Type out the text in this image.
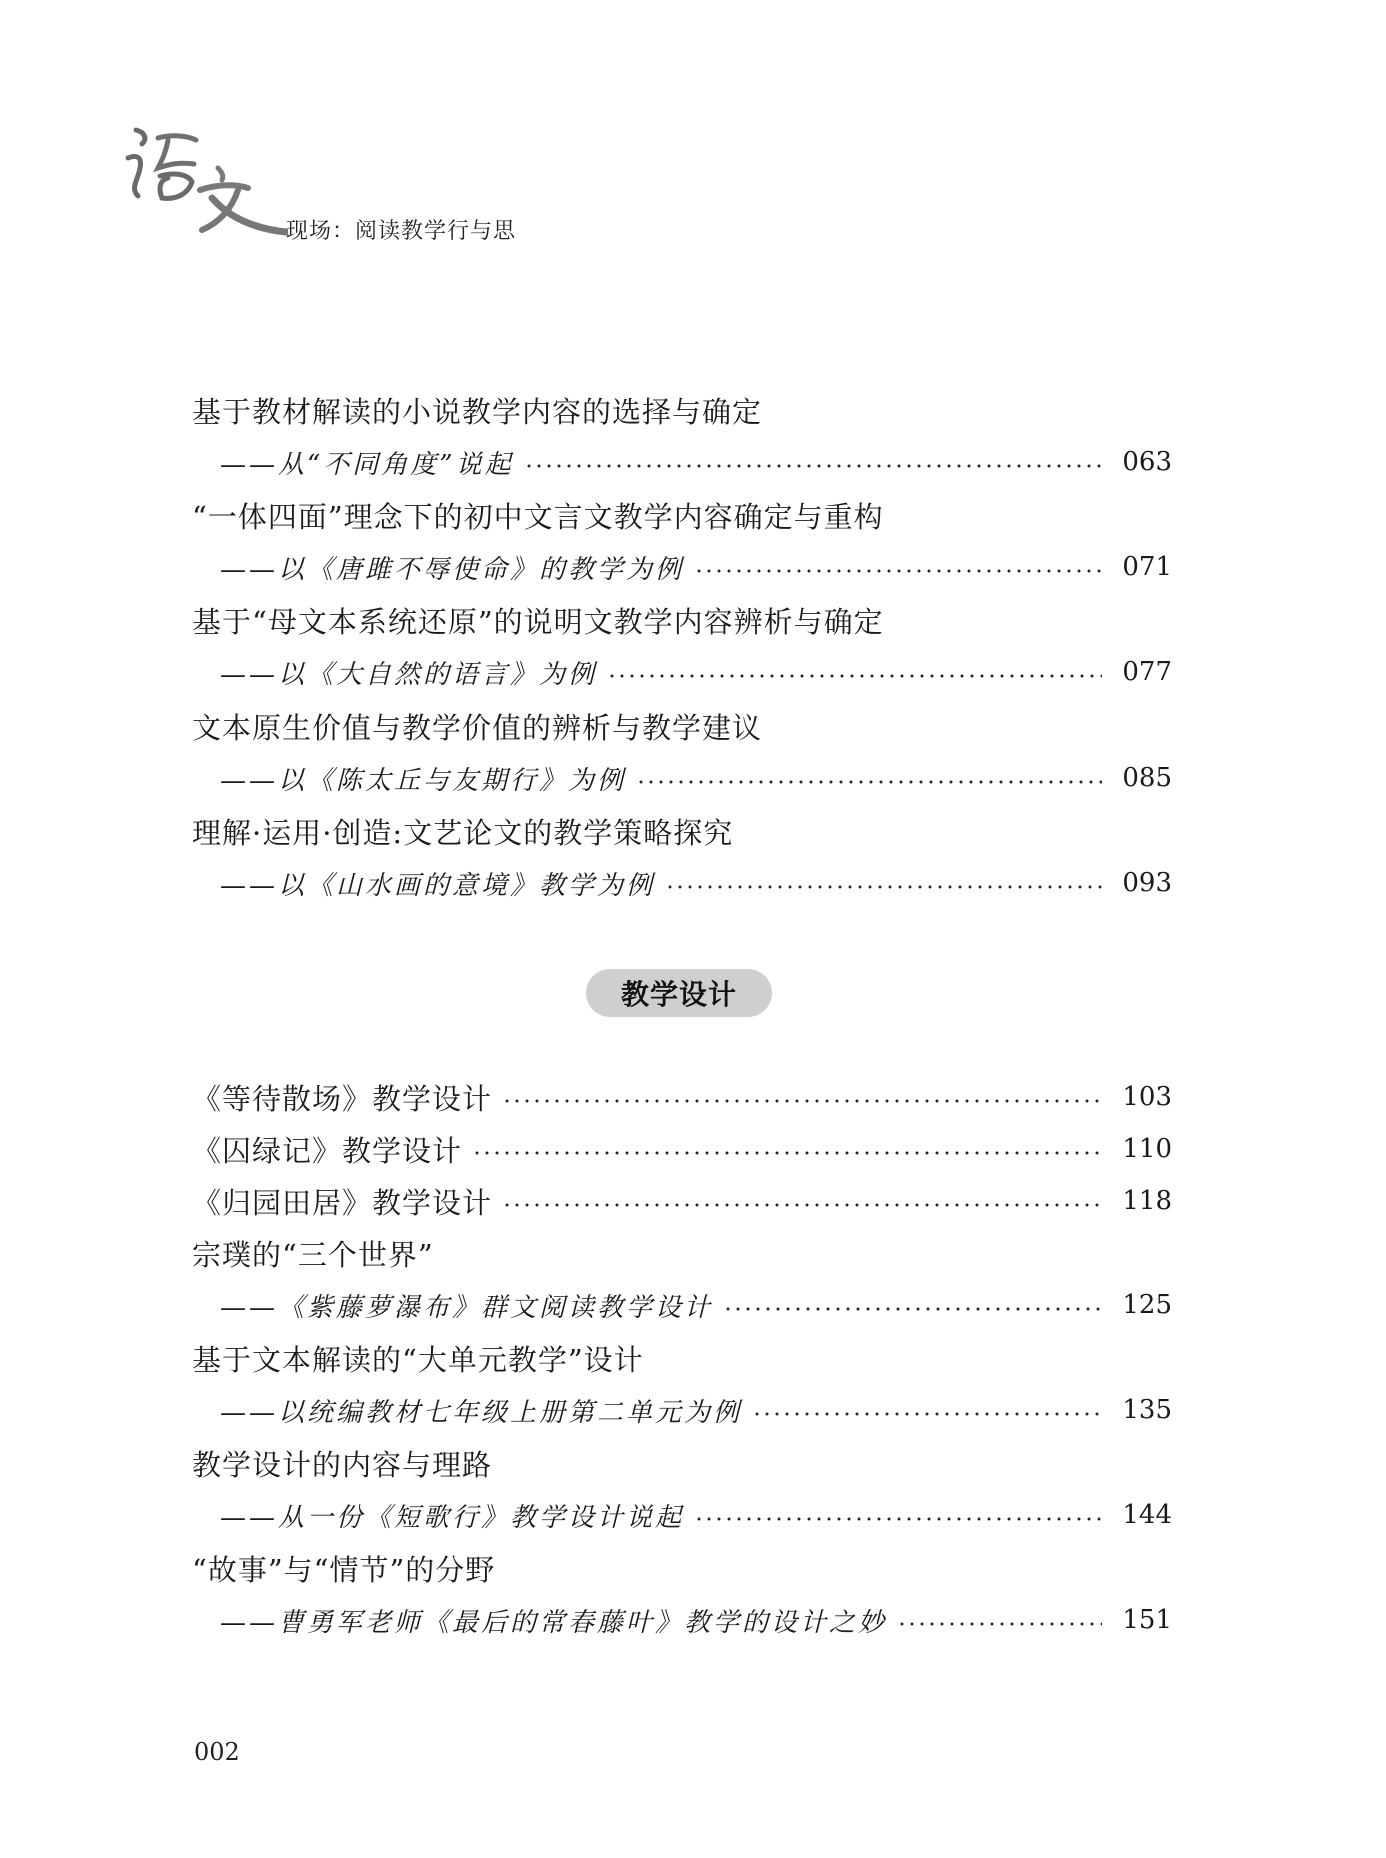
现场：阅读教学行与思
基于教材解读的小说教学内容的选择与确定
——从“不同角度”说起	063
“一体四面”理念下的初中文言文教学内容确定与重构
——以《唐雎不辱使命》的教学为例	071
基于“母文本系统还原”的说明文教学内容辨析与确定
——以《大自然的语言》为例	077
文本原生价值与教学价值的辨析与教学建议
——以《陈太丘与友期行》为例	085
理解·运用·创造:文艺论文的教学策略探究
——以《山水画的意境》教学为例	093
教学设计
《等待散场》教学设计	103
《囚绿记》教学设计	110
《归园田居》教学设计	118
宗璞的“三个世界”
——《紫藤萝瀑布》群文阅读教学设计	125
基于文本解读的“大单元教学”设计
——以统编教材七年级上册第二单元为例	135
教学设计的内容与理路
——从一份《短歌行》教学设计说起	144
“故事”与“情节”的分野
——曹勇军老师《最后的常春藤叶》教学的设计之妙	151
002
